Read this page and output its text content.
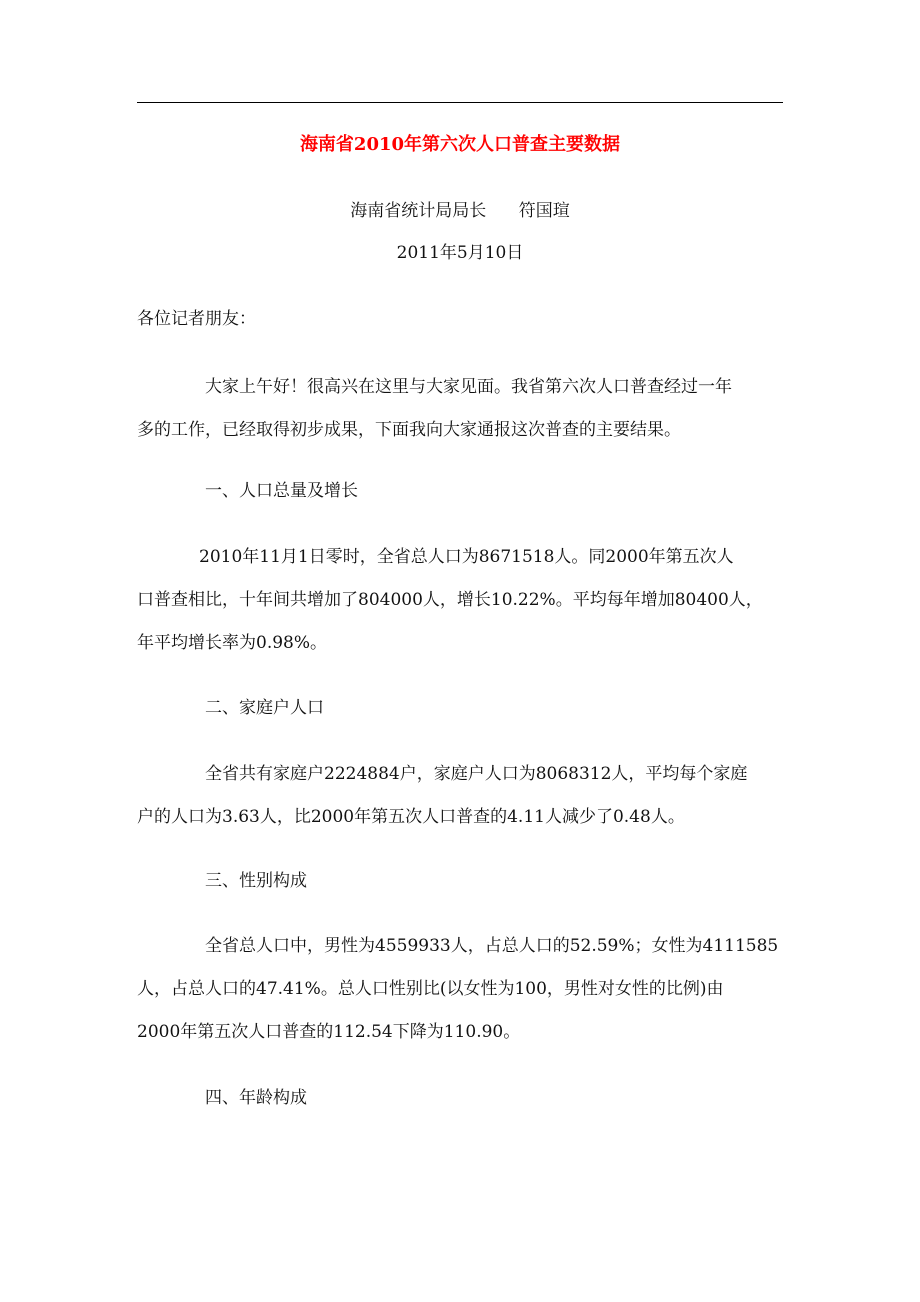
海南省2010年第六次人口普查主要数据
海南省统计局局长      符国瑄
2011年5月10日
各位记者朋友：
大家上午好！很高兴在这里与大家见面。我省第六次人口普查经过一年
多的工作，已经取得初步成果，下面我向大家通报这次普查的主要结果。
一、人口总量及增长
2010年11月1日零时，全省总人口为8671518人。同2000年第五次人
口普查相比，十年间共增加了804000人，增长10.22%。平均每年增加80400人，
年平均增长率为0.98%。
二、家庭户人口
全省共有家庭户2224884户，家庭户人口为8068312人，平均每个家庭
户的人口为3.63人，比2000年第五次人口普查的4.11人减少了0.48人。
三、性别构成
全省总人口中，男性为4559933人，占总人口的52.59%；女性为4111585
人，占总人口的47.41%。总人口性别比(以女性为100，男性对女性的比例)由
2000年第五次人口普查的112.54下降为110.90。
四、年龄构成
